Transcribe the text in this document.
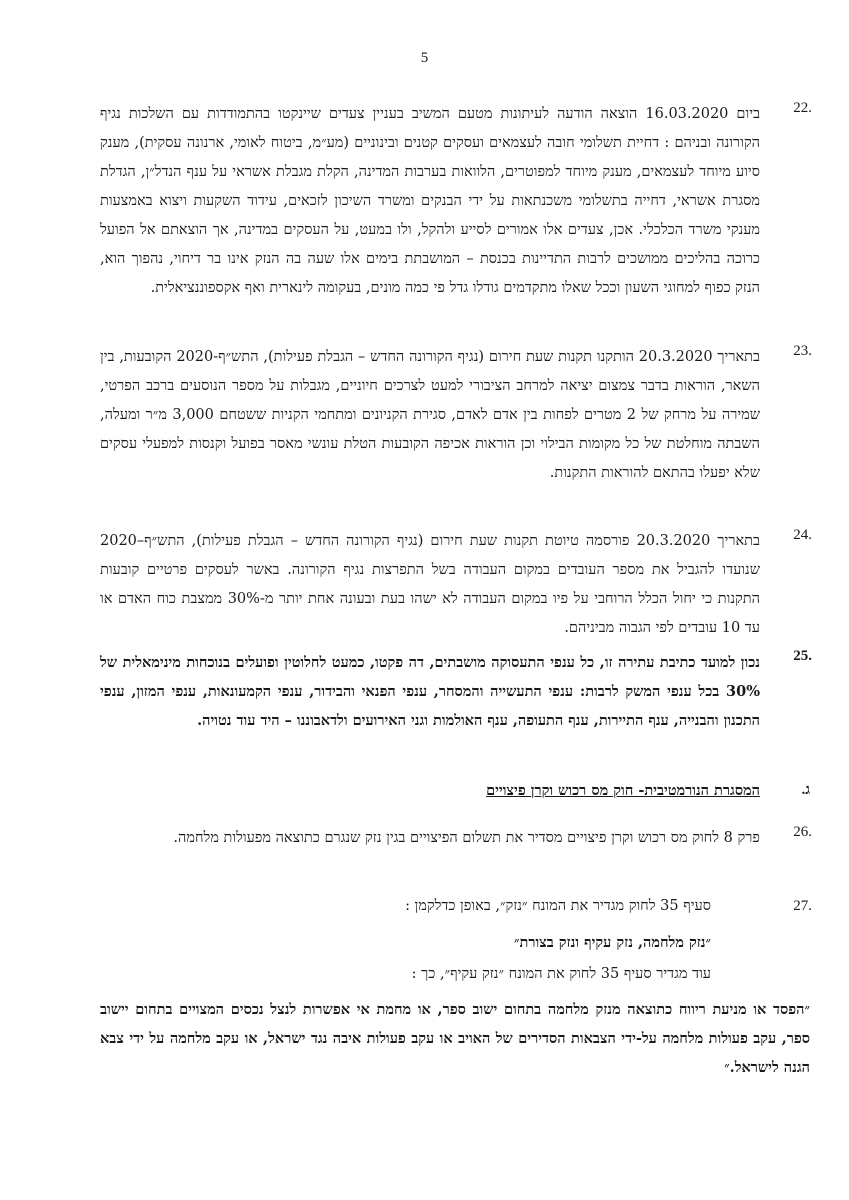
5
22.
ביום 16.03.2020 הוצאה הודעה לעיתונות מטעם המשיב בעניין צעדים שיינקטו בהתמודדות עם השלכות נגיף הקורונה ובניהם : דחיית תשלומי חובה לעצמאים ועסקים קטנים ובינוניים (מע״מ, ביטוח לאומי, ארנונה עסקית), מענק סיוע מיוחד לעצמאים, מענק מיוחד למפוטרים, הלוואות בערבות המדינה, הקלת מגבלת אשראי על ענף הנדל״ן, הגדלת מסגרת אשראי, דחייה בתשלומי משכנתאות על ידי הבנקים ומשרד השיכון לזכאים, עידוד השקעות ויצוא באמצעות מענקי משרד הכלכלי. אכן, צעדים אלו אמורים לסייע ולהקל, ולו במעט, על העסקים במדינה, אך הוצאתם אל הפועל כרוכה בהליכים ממושכים לרבות התדיינות בכנסת – המושבתת בימים אלו שעה בה הנזק אינו בר דיחוי, נהפוך הוא, הנזק כפוף למחוגי השעון וככל שאלו מתקדמים גודלו גדל פי כמה מונים, בעקומה לינארית ואף אקספוננציאלית.
23.
בתאריך 20.3.2020 הותקנו תקנות שעת חירום (נגיף הקורונה החדש – הגבלת פעילות), התש״ף-2020 הקובעות, בין השאר, הוראות בדבר צמצום יציאה למרחב הציבורי למעט לצרכים חיוניים, מגבלות על מספר הנוסעים ברכב הפרטי, שמירה על מרחק של 2 מטרים לפחות בין אדם לאדם, סגירת הקניונים ומתחמי הקניות ששטחם 3,000 מ״ר ומעלה, השבתה מוחלטת של כל מקומות הבילוי וכן הוראות אכיפה הקובעות הטלת עונשי מאסר בפועל וקנסות למפעלי עסקים שלא יפעלו בהתאם להוראות התקנות.
24.
בתאריך 20.3.2020 פורסמה טיוטת תקנות שעת חירום (נגיף הקורונה החדש – הגבלת פעילות), התש״ף–2020 שנועדו להגביל את מספר העובדים במקום העבודה בשל התפרצות נגיף הקורונה. באשר לעסקים פרטיים קובעות התקנות כי יחול הכלל הרוחבי על פיו במקום העבודה לא ישהו בעת ובעונה אחת יותר מ-30% ממצבת כוח האדם או עד 10 עובדים לפי הגבוה מביניהם.
25.
נכון למועד כתיבת עתירה זו, כל ענפי התעסוקה מושבתים, דה פקטו, כמעט לחלוטין ופועלים בנוכחות מינימאלית של 30% בכל ענפי המשק לרבות: ענפי התעשייה והמסחר, ענפי הפנאי והבידור, ענפי הקמעונאות, ענפי המזון, ענפי התכנון והבנייה, ענף התיירות, ענף התעופה, ענף האולמות וגני האירועים ולדאבוננו – היד עוד נטויה.
ג.
המסגרת הנורמטיבית- חוק מס רכוש וקרן פיצויים
26.
פרק 8 לחוק מס רכוש וקרן פיצויים מסדיר את תשלום הפיצויים בגין נזק שנגרם כתוצאה מפעולות מלחמה.
27.
סעיף 35 לחוק מגדיר את המונח ״נזק״, באופן כדלקמן :
״נזק מלחמה, נזק עקיף ונזק בצורת״
עוד מגדיר סעיף 35 לחוק את המונח ״נזק עקיף״, כך :
״הפסד או מניעת ריווח כתוצאה מנזק מלחמה בתחום ישוב ספר, או מחמת אי אפשרות לנצל נכסים המצויים בתחום יישוב ספר, עקב פעולות מלחמה על-ידי הצבאות הסדירים של האויב או עקב פעולות איבה נגד ישראל, או עקב מלחמה על ידי צבא הגנה לישראל.״
